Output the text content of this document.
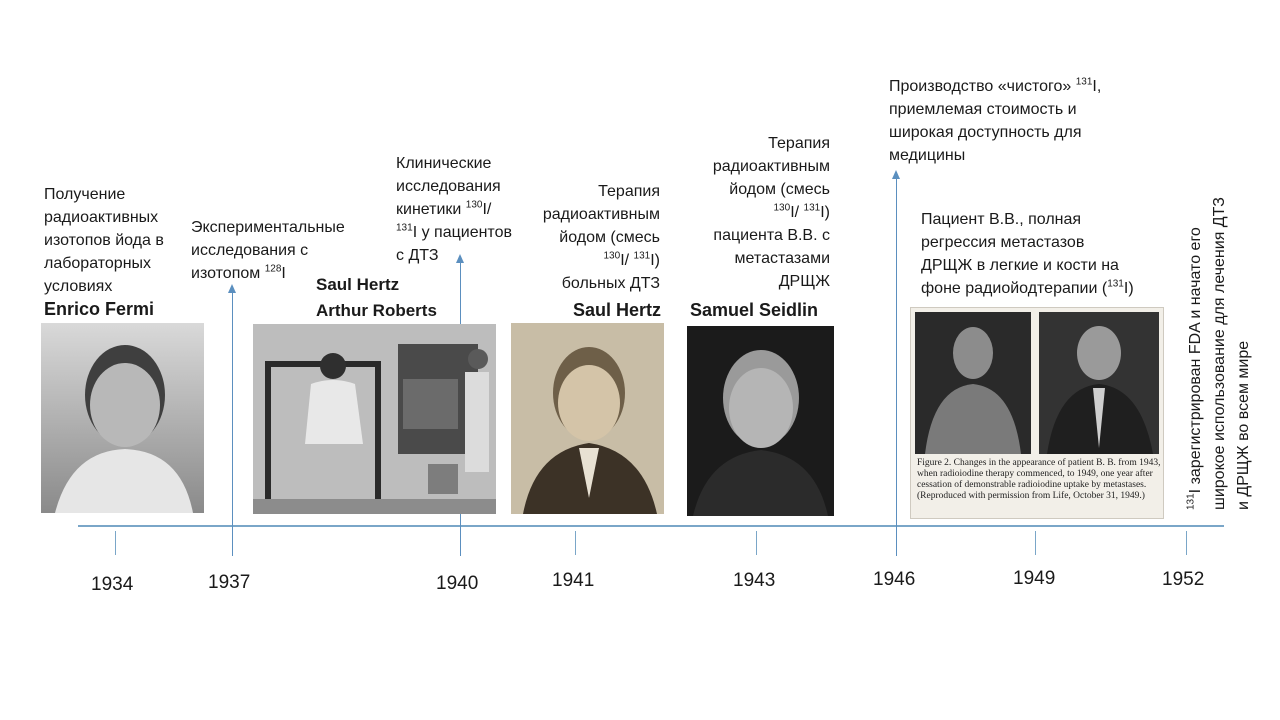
1934	1937	1940	1941	1943	1946	1949	1952
Получение
радиоактивных
изотопов йода в
лабораторных
условиях
Enrico Fermi
Экспериментальные
исследования с
изотопом $^{128}$I
Клинические
исследования
кинетики $^{130}$I/
$^{131}$I у пациентов
с ДТЗ
Saul Hertz
Arthur Roberts
Терапия
радиоактивным
йодом (смесь
$^{130}$I/ $^{131}$I)
больных ДТЗ
Saul Hertz
Терапия
радиоактивным
йодом (смесь
$^{130}$I/ $^{131}$I)
пациента В.В. с
метастазами
ДРЩЖ
Samuel Seidlin
Производство «чистого» $^{131}$I,
приемлемая стоимость и
широкая доступность для
медицины
Пациент В.В., полная
регрессия метастазов
ДРЩЖ в легкие и кости на
фоне радиойодтерапии ($^{131}$I)
Figure 2. Changes in the appearance of patient B. B. from 1943, when radioiodine therapy commenced, to 1949, one year after cessation of demonstrable radioiodine uptake by metastases. (Reproduced with permission from Life, October 31, 1949.)	$^{131}$I зарегистрирован FDA и начато его широкое использование для лечения ДТЗ и ДРЩЖ во всем мире
